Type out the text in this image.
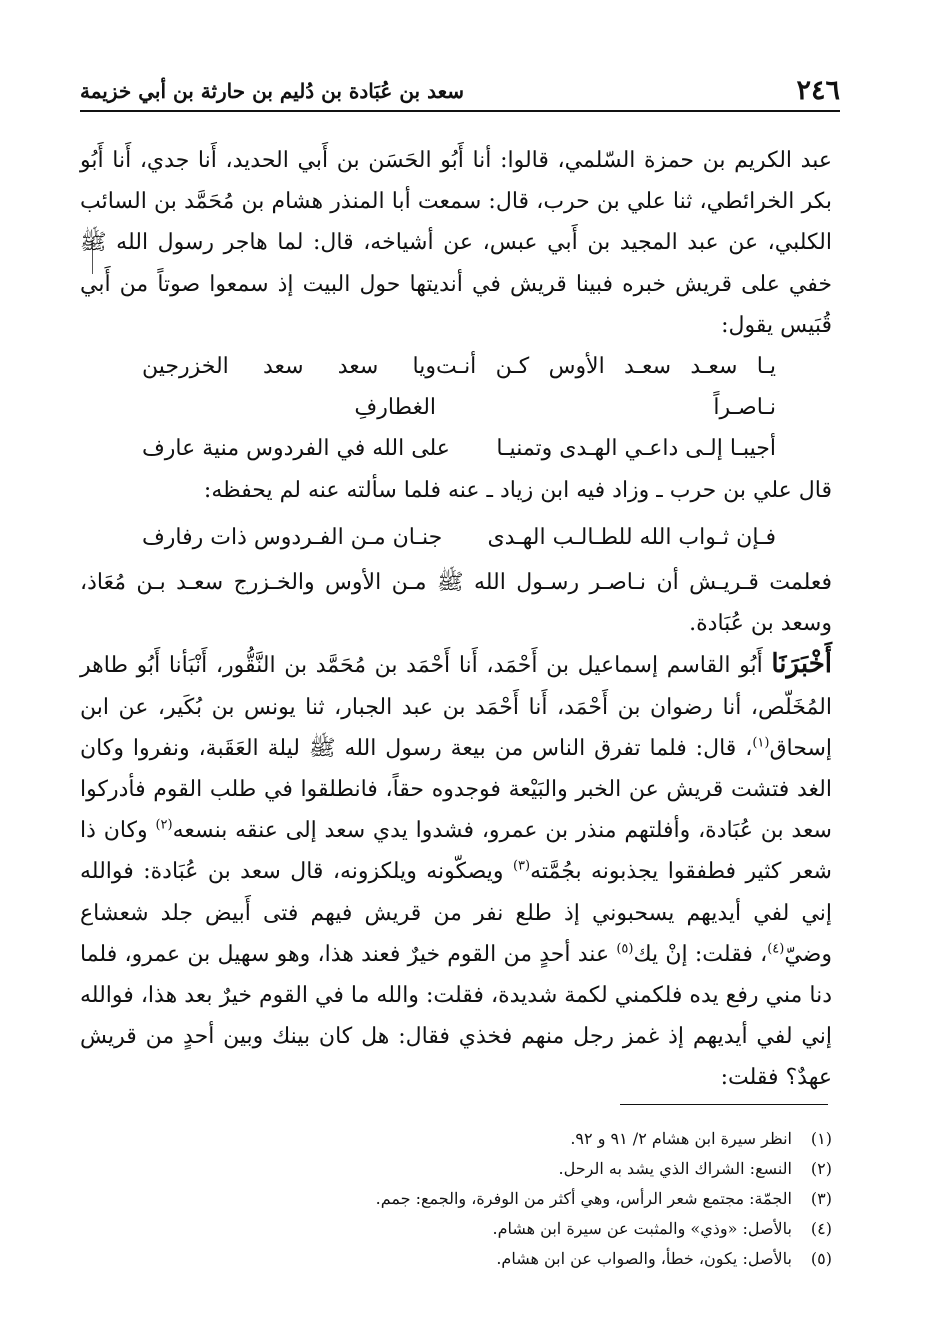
٢٤٦
سعد بن عُبَادة بن دُليم بن حارثة بن أبي خزيمة

عبد الكريم بن حمزة السّلمي، قالوا: أنا أَبُو الحَسَن بن أَبي الحديد، أَنا جدي، أَنا أَبُو بكر الخرائطي، ثنا علي بن حرب، قال: سمعت أبا المنذر هشام بن مُحَمَّد بن السائب الكلبي، عن عبد المجيد بن أَبي عبس، عن أشياخه، قال: لما هاجر رسول الله ﷺ خفي على قريش خبره فبينا قريش في أنديتها حول البيت إذ سمعوا صوتاً من أَبي قُبَيس يقول:

يـا سعـد سعـد الأوس كـن أنـت نـاصـراً
ويا سعد سعد الخزرجين الغطارفِ
أجيبـا إلـى داعـي الهـدى وتمنيـا
على الله في الفردوس منية عارف

قال علي بن حرب ـ وزاد فيه ابن زياد ـ عنه فلما سألته عنه لم يحفظه:

فـإن ثـواب الله للطـالـب الهـدى
جنـان مـن الفـردوس ذات رفارف

فعلمت قـريـش أن نـاصـر رسـول الله ﷺ مـن الأوس والخـزرج سعـد بـن مُعَاذ، وسعد بن عُبَادة.

أَخْبَرَنَا أَبُو القاسم إسماعيل بن أَحْمَد، أَنا أَحْمَد بن مُحَمَّد بن النَّقُّور، أَنْبَأنا أَبُو طاهر المُخَلّص، أنا رضوان بن أَحْمَد، أَنا أَحْمَد بن عبد الجبار، ثنا يونس بن بُكَير، عن ابن إسحاق$^{(١)}$، قال: فلما تفرق الناس من بيعة رسول الله ﷺ ليلة العَقَبة، ونفروا وكان الغد فتشت قريش عن الخبر والبَيْعة فوجدوه حقاً، فانطلقوا في طلب القوم فأدركوا سعد بن عُبَادة، وأفلتهم منذر بن عمرو، فشدوا يدي سعد إلى عنقه بنسعه$^{(٢)}$ وكان ذا شعر كثير فطفقوا يجذبونه بجُمَّته$^{(٣)}$ ويصكّونه ويلكزونه، قال سعد بن عُبَادة: فوالله إني لفي أيديهم يسحبوني إذ طلع نفر من قريش فيهم فتى أَبيض جلد شعشاع وضيّ$^{(٤)}$، فقلت: إنْ يك$^{(٥)}$ عند أحدٍ من القوم خيرٌ فعند هذا، وهو سهيل بن عمرو، فلما دنا مني رفع يده فلكمني لكمة شديدة، فقلت: والله ما في القوم خيرٌ بعد هذا، فوالله إني لفي أيديهم إذ غمز رجل منهم فخذي فقال: هل كان بينك وبين أحدٍ من قريش عهدٌ؟ فقلت:

(١)
انظر سيرة ابن هشام ٢/ ٩١ و ٩٢.
(٢)
النسع: الشراك الذي يشد به الرحل.
(٣)
الجمّة: مجتمع شعر الرأس، وهي أكثر من الوفرة، والجمع: جمم.
(٤)
بالأصل: «وذي» والمثبت عن سيرة ابن هشام.
(٥)
بالأصل: يكون، خطأ، والصواب عن ابن هشام.
